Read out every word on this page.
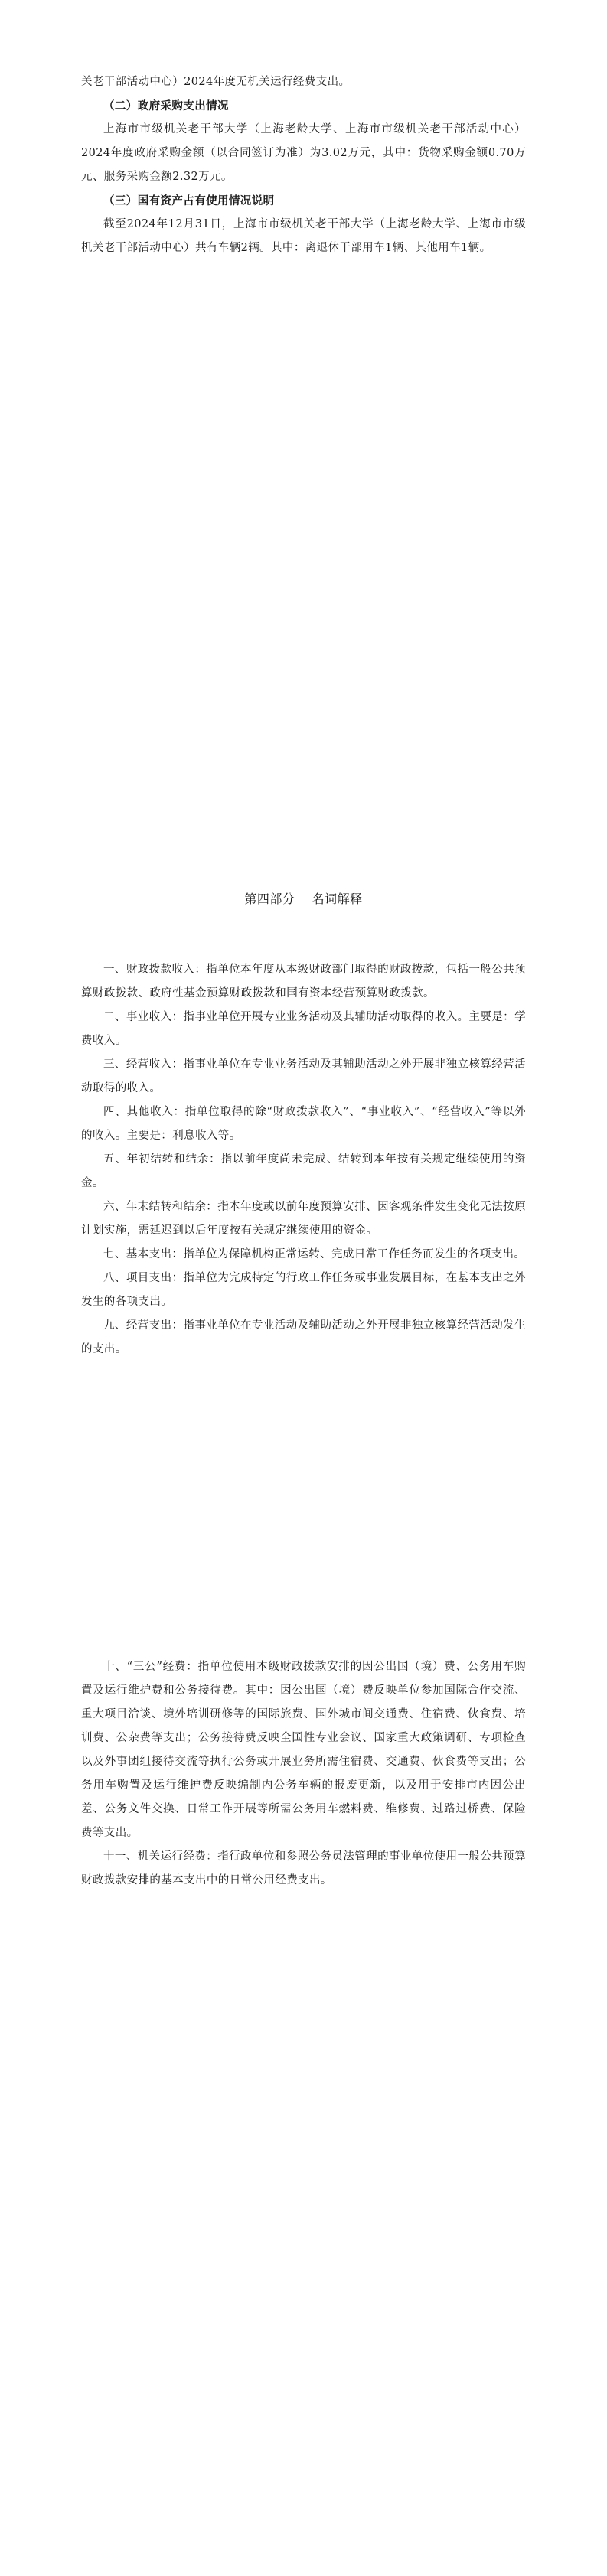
关老干部活动中心）2024年度无机关运行经费支出。

（二）政府采购支出情况

上海市市级机关老干部大学（上海老龄大学、上海市市级机关老干部活动中心）2024年度政府采购金额（以合同签订为准）为3.02万元，其中：货物采购金额0.70万元、服务采购金额2.32万元。

（三）国有资产占有使用情况说明

截至2024年12月31日，上海市市级机关老干部大学（上海老龄大学、上海市市级机关老干部活动中心）共有车辆2辆。其中：离退休干部用车1辆、其他用车1辆。

第四部分    名词解释

一、财政拨款收入：指单位本年度从本级财政部门取得的财政拨款，包括一般公共预算财政拨款、政府性基金预算财政拨款和国有资本经营预算财政拨款。

二、事业收入：指事业单位开展专业业务活动及其辅助活动取得的收入。主要是：学费收入。

三、经营收入：指事业单位在专业业务活动及其辅助活动之外开展非独立核算经营活动取得的收入。

四、其他收入：指单位取得的除“财政拨款收入”、“事业收入”、“经营收入”等以外的收入。主要是：利息收入等。

五、年初结转和结余：指以前年度尚未完成、结转到本年按有关规定继续使用的资金。

六、年末结转和结余：指本年度或以前年度预算安排、因客观条件发生变化无法按原计划实施，需延迟到以后年度按有关规定继续使用的资金。

七、基本支出：指单位为保障机构正常运转、完成日常工作任务而发生的各项支出。

八、项目支出：指单位为完成特定的行政工作任务或事业发展目标，在基本支出之外发生的各项支出。

九、经营支出：指事业单位在专业活动及辅助活动之外开展非独立核算经营活动发生的支出。

十、“三公”经费：指单位使用本级财政拨款安排的因公出国（境）费、公务用车购置及运行维护费和公务接待费。其中：因公出国（境）费反映单位参加国际合作交流、重大项目洽谈、境外培训研修等的国际旅费、国外城市间交通费、住宿费、伙食费、培训费、公杂费等支出；公务接待费反映全国性专业会议、国家重大政策调研、专项检查以及外事团组接待交流等执行公务或开展业务所需住宿费、交通费、伙食费等支出；公务用车购置及运行维护费反映编制内公务车辆的报废更新，以及用于安排市内因公出差、公务文件交换、日常工作开展等所需公务用车燃料费、维修费、过路过桥费、保险费等支出。

十一、机关运行经费：指行政单位和参照公务员法管理的事业单位使用一般公共预算财政拨款安排的基本支出中的日常公用经费支出。
